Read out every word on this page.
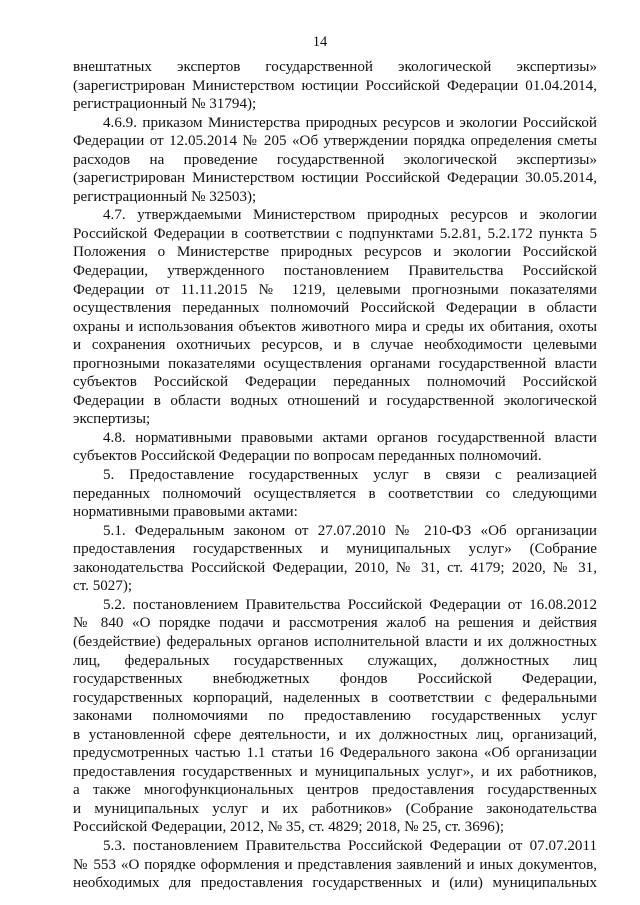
14
внештатных экспертов государственной экологической экспертизы»
(зарегистрирован Министерством юстиции Российской Федерации 01.04.2014,
регистрационный № 31794);
4.6.9. приказом Министерства природных ресурсов и экологии Российской
Федерации от 12.05.2014 № 205 «Об утверждении порядка определения сметы
расходов на проведение государственной экологической экспертизы»
(зарегистрирован Министерством юстиции Российской Федерации 30.05.2014,
регистрационный № 32503);
4.7. утверждаемыми Министерством природных ресурсов и экологии
Российской Федерации в соответствии с подпунктами 5.2.81, 5.2.172 пункта 5
Положения о Министерстве природных ресурсов и экологии Российской
Федерации, утвержденного постановлением Правительства Российской
Федерации от 11.11.2015 № 1219, целевыми прогнозными показателями
осуществления переданных полномочий Российской Федерации в области
охраны и использования объектов животного мира и среды их обитания, охоты
и сохранения охотничьих ресурсов, и в случае необходимости целевыми
прогнозными показателями осуществления органами государственной власти
субъектов Российской Федерации переданных полномочий Российской
Федерации в области водных отношений и государственной экологической
экспертизы;
4.8. нормативными правовыми актами органов государственной власти
субъектов Российской Федерации по вопросам переданных полномочий.
5. Предоставление государственных услуг в связи с реализацией
переданных полномочий осуществляется в соответствии со следующими
нормативными правовыми актами:
5.1. Федеральным законом от 27.07.2010 № 210-ФЗ «Об организации
предоставления государственных и муниципальных услуг» (Собрание
законодательства Российской Федерации, 2010, № 31, ст. 4179; 2020, № 31,
ст. 5027);
5.2. постановлением Правительства Российской Федерации от 16.08.2012
№ 840 «О порядке подачи и рассмотрения жалоб на решения и действия
(бездействие) федеральных органов исполнительной власти и их должностных
лиц, федеральных государственных служащих, должностных лиц
государственных внебюджетных фондов Российской Федерации,
государственных корпораций, наделенных в соответствии с федеральными
законами полномочиями по предоставлению государственных услуг
в установленной сфере деятельности, и их должностных лиц, организаций,
предусмотренных частью 1.1 статьи 16 Федерального закона «Об организации
предоставления государственных и муниципальных услуг», и их работников,
а также многофункциональных центров предоставления государственных
и муниципальных услуг и их работников» (Собрание законодательства
Российской Федерации, 2012, № 35, ст. 4829; 2018, № 25, ст. 3696);
5.3. постановлением Правительства Российской Федерации от 07.07.2011
№ 553 «О порядке оформления и представления заявлений и иных документов,
необходимых для предоставления государственных и (или) муниципальных
